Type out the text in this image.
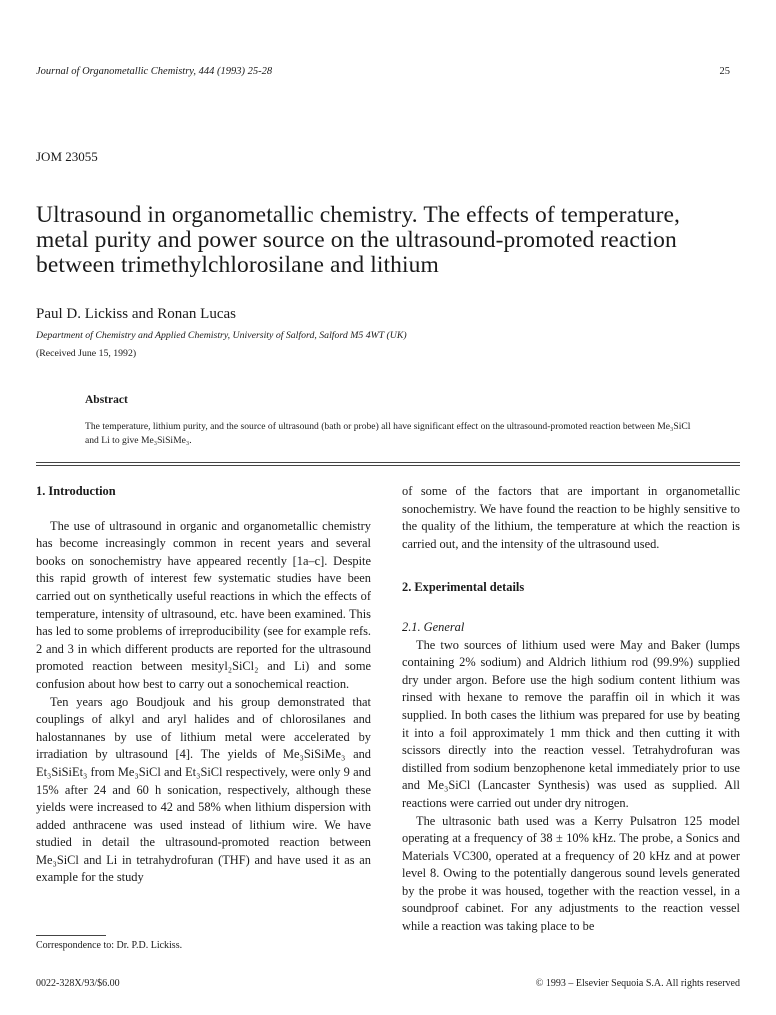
Journal of Organometallic Chemistry, 444 (1993) 25-28	25
JOM 23055
Ultrasound in organometallic chemistry. The effects of temperature, metal purity and power source on the ultrasound-promoted reaction between trimethylchlorosilane and lithium
Paul D. Lickiss and Ronan Lucas
Department of Chemistry and Applied Chemistry, University of Salford, Salford M5 4WT (UK)
(Received June 15, 1992)
Abstract

The temperature, lithium purity, and the source of ultrasound (bath or probe) all have significant effect on the ultrasound-promoted reaction between Me₃SiCl and Li to give Me₃SiSiMe₃.

1. Introduction

The use of ultrasound in organic and organometallic chemistry has become increasingly common in recent years and several books on sonochemistry have appeared recently [1a–c]. Despite this rapid growth of interest few systematic studies have been carried out on synthetically useful reactions in which the effects of temperature, intensity of ultrasound, etc. have been examined. This has led to some problems of irreproducibility (see for example refs. 2 and 3 in which different products are reported for the ultrasound promoted reaction between mesityl₂SiCl₂ and Li) and some confusion about how best to carry out a sonochemical reaction.

Ten years ago Boudjouk and his group demonstrated that couplings of alkyl and aryl halides and of chlorosilanes and halostannanes by use of lithium metal were accelerated by irradiation by ultrasound [4]. The yields of Me₃SiSiMe₃ and Et₃SiSiEt₃ from Me₃SiCl and Et₃SiCl respectively, were only 9 and 15% after 24 and 60 h sonication, respectively, although these yields were increased to 42 and 58% when lithium dispersion with added anthracene was used instead of lithium wire. We have studied in detail the ultrasound-promoted reaction between Me₃SiCl and Li in tetrahydrofuran (THF) and have used it as an example for the study

of some of the factors that are important in organometallic sonochemistry. We have found the reaction to be highly sensitive to the quality of the lithium, the temperature at which the reaction is carried out, and the intensity of the ultrasound used.

2. Experimental details
2.1. General

The two sources of lithium used were May and Baker (lumps containing 2% sodium) and Aldrich lithium rod (99.9%) supplied dry under argon. Before use the high sodium content lithium was rinsed with hexane to remove the paraffin oil in which it was supplied. In both cases the lithium was prepared for use by beating it into a foil approximately 1 mm thick and then cutting it with scissors directly into the reaction vessel. Tetrahydrofuran was distilled from sodium benzophenone ketal immediately prior to use and Me₃SiCl (Lancaster Synthesis) was used as supplied. All reactions were carried out under dry nitrogen.

The ultrasonic bath used was a Kerry Pulsatron 125 model operating at a frequency of 38 ± 10% kHz. The probe, a Sonics and Materials VC300, operated at a frequency of 20 kHz and at power level 8. Owing to the potentially dangerous sound levels generated by the probe it was housed, together with the reaction vessel, in a soundproof cabinet. For any adjustments to the reaction vessel while a reaction was taking place to be

Correspondence to: Dr. P.D. Lickiss.
0022-328X/93/$6.00	© 1993 – Elsevier Sequoia S.A. All rights reserved
